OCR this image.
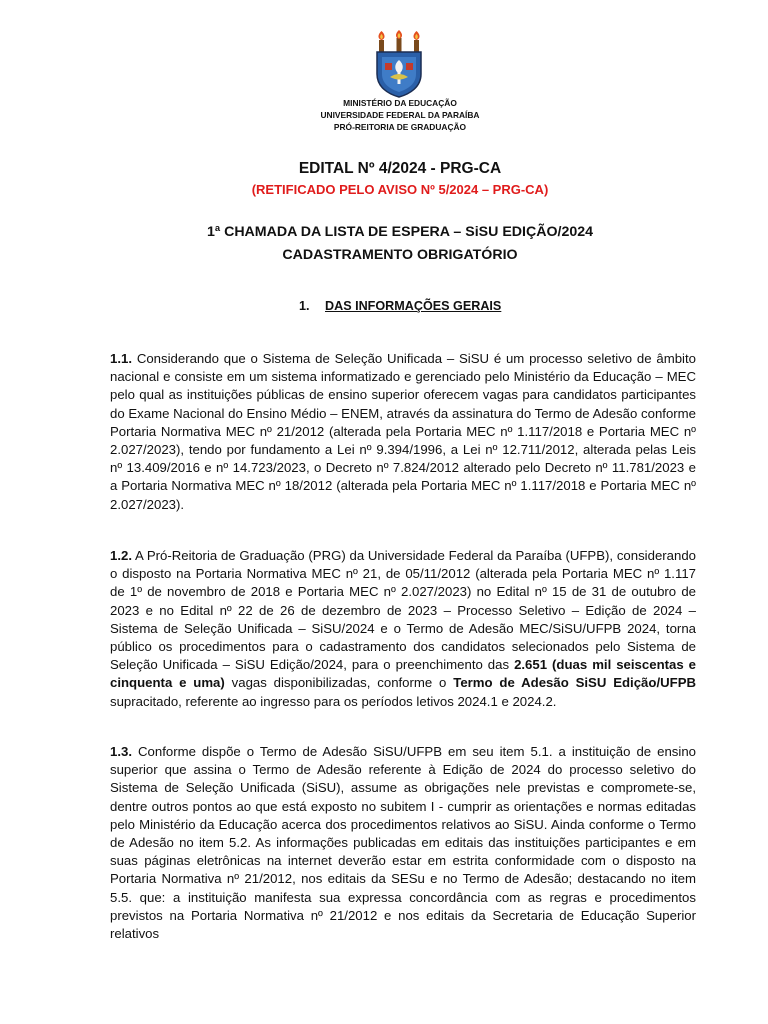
MINISTÉRIO DA EDUCAÇÃO
UNIVERSIDADE FEDERAL DA PARAÍBA
PRÓ-REITORIA DE GRADUAÇÃO
EDITAL Nº 4/2024 - PRG-CA
(RETIFICADO PELO AVISO Nº 5/2024 – PRG-CA)
1ª CHAMADA DA LISTA DE ESPERA – SiSU EDIÇÃO/2024
CADASTRAMENTO OBRIGATÓRIO
1. DAS INFORMAÇÕES GERAIS
1.1. Considerando que o Sistema de Seleção Unificada – SiSU é um processo seletivo de âmbito nacional e consiste em um sistema informatizado e gerenciado pelo Ministério da Educação – MEC pelo qual as instituições públicas de ensino superior oferecem vagas para candidatos participantes do Exame Nacional do Ensino Médio – ENEM, através da assinatura do Termo de Adesão conforme Portaria Normativa MEC nº 21/2012 (alterada pela Portaria MEC nº 1.117/2018 e Portaria MEC nº 2.027/2023), tendo por fundamento a Lei nº 9.394/1996, a Lei nº 12.711/2012, alterada pelas Leis nº 13.409/2016 e nº 14.723/2023, o Decreto nº 7.824/2012 alterado pelo Decreto nº 11.781/2023 e a Portaria Normativa MEC nº 18/2012 (alterada pela Portaria MEC nº 1.117/2018 e Portaria MEC nº 2.027/2023).
1.2. A Pró-Reitoria de Graduação (PRG) da Universidade Federal da Paraíba (UFPB), considerando o disposto na Portaria Normativa MEC nº 21, de 05/11/2012 (alterada pela Portaria MEC nº 1.117 de 1º de novembro de 2018 e Portaria MEC nº 2.027/2023) no Edital nº 15 de 31 de outubro de 2023 e no Edital nº 22 de 26 de dezembro de 2023 – Processo Seletivo – Edição de 2024 – Sistema de Seleção Unificada – SiSU/2024 e o Termo de Adesão MEC/SiSU/UFPB 2024, torna público os procedimentos para o cadastramento dos candidatos selecionados pelo Sistema de Seleção Unificada – SiSU Edição/2024, para o preenchimento das 2.651 (duas mil seiscentas e cinquenta e uma) vagas disponibilizadas, conforme o Termo de Adesão SiSU Edição/UFPB supracitado, referente ao ingresso para os períodos letivos 2024.1 e 2024.2.
1.3. Conforme dispõe o Termo de Adesão SiSU/UFPB em seu item 5.1. a instituição de ensino superior que assina o Termo de Adesão referente à Edição de 2024 do processo seletivo do Sistema de Seleção Unificada (SiSU), assume as obrigações nele previstas e compromete-se, dentre outros pontos ao que está exposto no subitem I - cumprir as orientações e normas editadas pelo Ministério da Educação acerca dos procedimentos relativos ao SiSU. Ainda conforme o Termo de Adesão no item 5.2. As informações publicadas em editais das instituições participantes e em suas páginas eletrônicas na internet deverão estar em estrita conformidade com o disposto na Portaria Normativa nº 21/2012, nos editais da SESu e no Termo de Adesão; destacando no item 5.5. que: a instituição manifesta sua expressa concordância com as regras e procedimentos previstos na Portaria Normativa nº 21/2012 e nos editais da Secretaria de Educação Superior relativos
